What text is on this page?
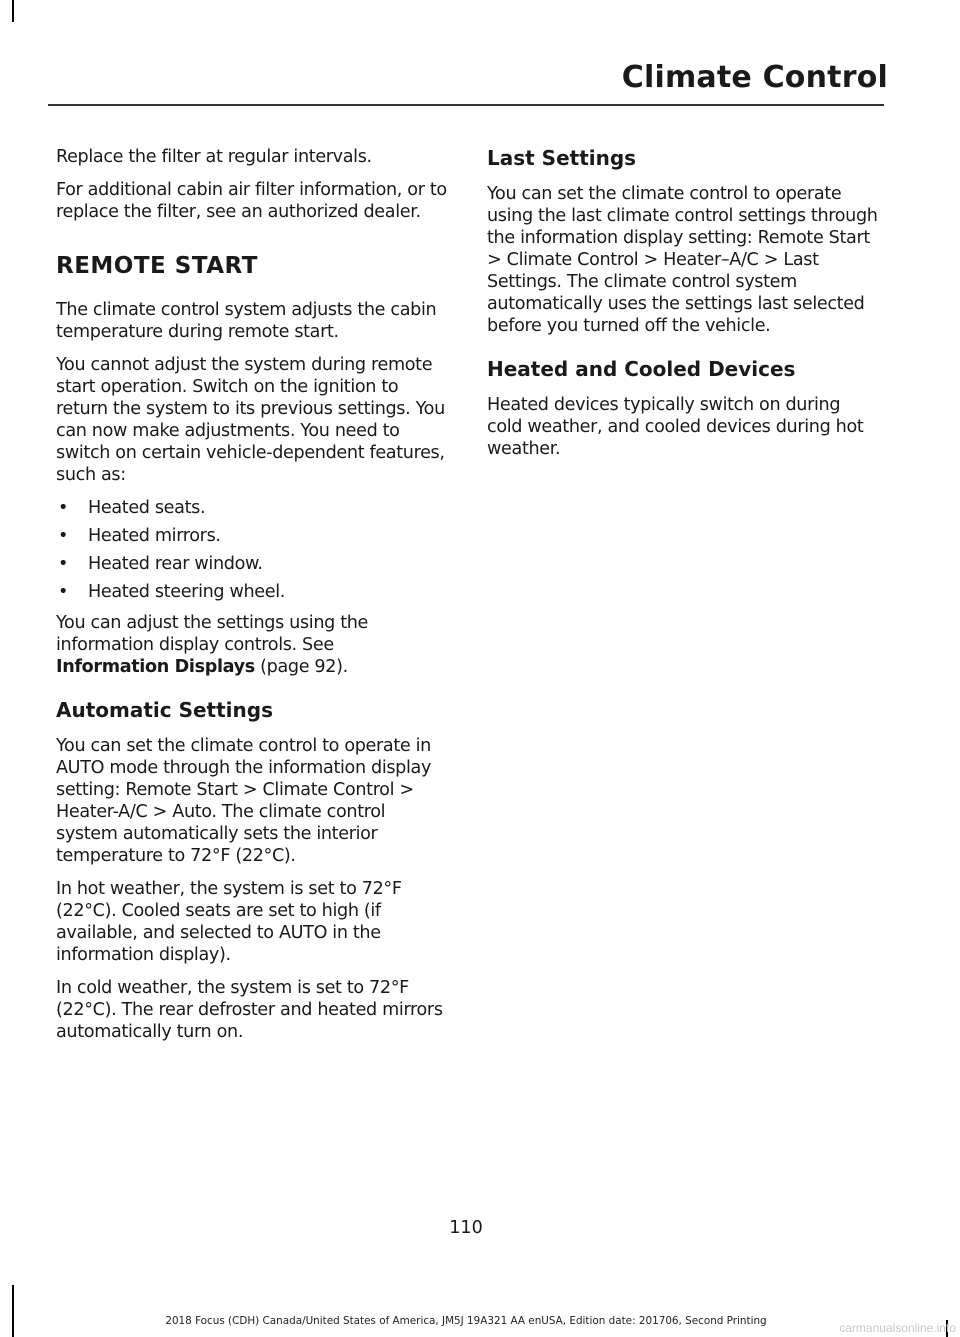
Climate Control

Replace the filter at regular intervals.

For additional cabin air filter information, or to replace the filter, see an authorized dealer.

REMOTE START

The climate control system adjusts the cabin temperature during remote start.

You cannot adjust the system during remote start operation. Switch on the ignition to return the system to its previous settings. You can now make adjustments. You need to switch on certain vehicle-dependent features, such as:

• Heated seats.
• Heated mirrors.
• Heated rear window.
• Heated steering wheel.

You can adjust the settings using the information display controls. See Information Displays (page 92).

Automatic Settings

You can set the climate control to operate in AUTO mode through the information display setting: Remote Start > Climate Control > Heater-A/C > Auto. The climate control system automatically sets the interior temperature to 72°F (22°C).

In hot weather, the system is set to 72°F (22°C). Cooled seats are set to high (if available, and selected to AUTO in the information display).

In cold weather, the system is set to 72°F (22°C). The rear defroster and heated mirrors automatically turn on.

Last Settings

You can set the climate control to operate using the last climate control settings through the information display setting: Remote Start > Climate Control > Heater–A/C > Last Settings. The climate control system automatically uses the settings last selected before you turned off the vehicle.

Heated and Cooled Devices

Heated devices typically switch on during cold weather, and cooled devices during hot weather.

110
2018 Focus (CDH) Canada/United States of America, JM5J 19A321 AA enUSA, Edition date: 201706, Second Printing	carmanualsonline.info
